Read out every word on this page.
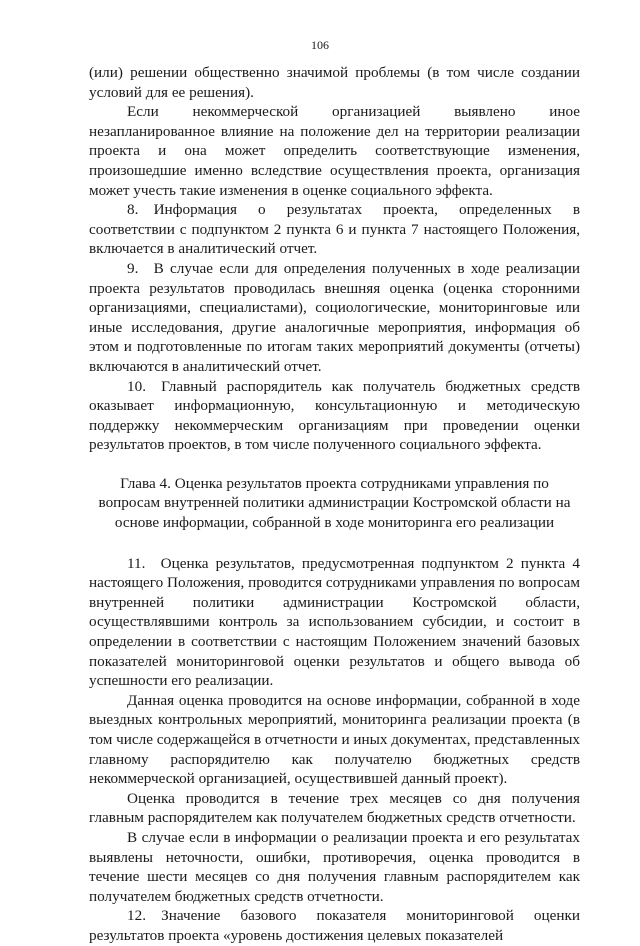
106

(или) решении общественно значимой проблемы (в том числе создании условий для ее решения).

Если некоммерческой организацией выявлено иное незапланированное влияние на положение дел на территории реализации проекта и она может определить соответствующие изменения, произошедшие именно вследствие осуществления проекта, организация может учесть такие изменения в оценке социального эффекта.

8. Информация о результатах проекта, определенных в соответствии с подпунктом 2 пункта 6 и пункта 7 настоящего Положения, включается в аналитический отчет.

9. В случае если для определения полученных в ходе реализации проекта результатов проводилась внешняя оценка (оценка сторонними организациями, специалистами), социологические, мониторинговые или иные исследования, другие аналогичные мероприятия, информация об этом и подготовленные по итогам таких мероприятий документы (отчеты) включаются в аналитический отчет.

10. Главный распорядитель как получатель бюджетных средств оказывает информационную, консультационную и методическую поддержку некоммерческим организациям при проведении оценки результатов проектов, в том числе полученного социального эффекта.

Глава 4. Оценка результатов проекта сотрудниками управления по
вопросам внутренней политики администрации Костромской области на
основе информации, собранной в ходе мониторинга его реализации

11. Оценка результатов, предусмотренная подпунктом 2 пункта 4 настоящего Положения, проводится сотрудниками управления по вопросам внутренней политики администрации Костромской области, осуществлявшими контроль за использованием субсидии, и состоит в определении в соответствии с настоящим Положением значений базовых показателей мониторинговой оценки результатов и общего вывода об успешности его реализации.

Данная оценка проводится на основе информации, собранной в ходе выездных контрольных мероприятий, мониторинга реализации проекта (в том числе содержащейся в отчетности и иных документах, представленных главному распорядителю как получателю бюджетных средств некоммерческой организацией, осуществившей данный проект).

Оценка проводится в течение трех месяцев со дня получения главным распорядителем как получателем бюджетных средств отчетности.

В случае если в информации о реализации проекта и его результатах выявлены неточности, ошибки, противоречия, оценка проводится в течение шести месяцев со дня получения главным распорядителем как получателем бюджетных средств отчетности.

12. Значение базового показателя мониторинговой оценки результатов проекта «уровень достижения целевых показателей
